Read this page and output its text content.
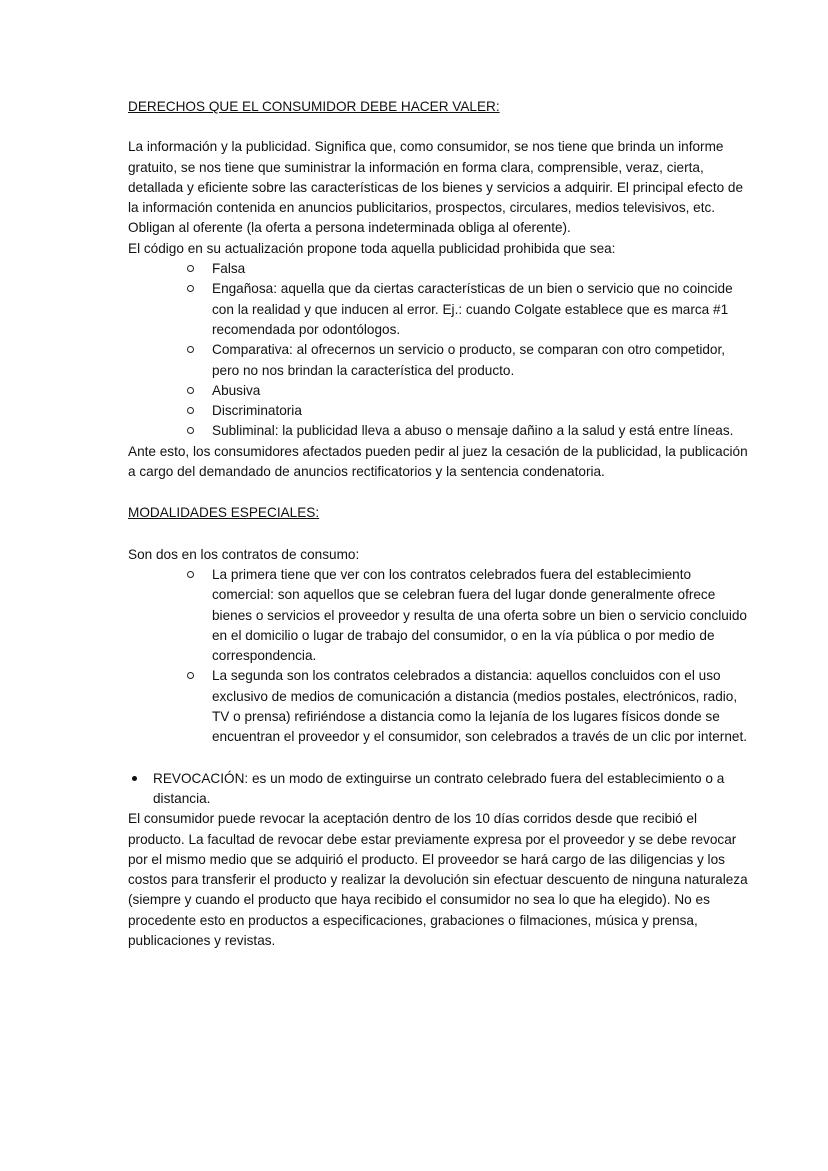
DERECHOS QUE EL CONSUMIDOR DEBE HACER VALER:

La información y la publicidad. Significa que, como consumidor, se nos tiene que brinda un informe gratuito, se nos tiene que suministrar la información en forma clara, comprensible, veraz, cierta, detallada y eficiente sobre las características de los bienes y servicios a adquirir. El principal efecto de la información contenida en anuncios publicitarios, prospectos, circulares, medios televisivos, etc. Obligan al oferente (la oferta a persona indeterminada obliga al oferente).

El código en su actualización propone toda aquella publicidad prohibida que sea:

Falsa
Engañosa: aquella que da ciertas características de un bien o servicio que no coincide con la realidad y que inducen al error. Ej.: cuando Colgate establece que es marca #1 recomendada por odontólogos.
Comparativa: al ofrecernos un servicio o producto, se comparan con otro competidor, pero no nos brindan la característica del producto.
Abusiva
Discriminatoria
Subliminal: la publicidad lleva a abuso o mensaje dañino a la salud y está entre líneas.

Ante esto, los consumidores afectados pueden pedir al juez la cesación de la publicidad, la publicación a cargo del demandado de anuncios rectificatorios y la sentencia condenatoria.

MODALIDADES ESPECIALES:

Son dos en los contratos de consumo:

La primera tiene que ver con los contratos celebrados fuera del establecimiento comercial: son aquellos que se celebran fuera del lugar donde generalmente ofrece bienes o servicios el proveedor y resulta de una oferta sobre un bien o servicio concluido en el domicilio o lugar de trabajo del consumidor, o en la vía pública o por medio de correspondencia.
La segunda son los contratos celebrados a distancia: aquellos concluidos con el uso exclusivo de medios de comunicación a distancia (medios postales, electrónicos, radio, TV o prensa) refiriéndose a distancia como la lejanía de los lugares físicos donde se encuentran el proveedor y el consumidor, son celebrados a través de un clic por internet.
REVOCACIÓN: es un modo de extinguirse un contrato celebrado fuera del establecimiento o a distancia.

El consumidor puede revocar la aceptación dentro de los 10 días corridos desde que recibió el producto. La facultad de revocar debe estar previamente expresa por el proveedor y se debe revocar por el mismo medio que se adquirió el producto. El proveedor se hará cargo de las diligencias y los costos para transferir el producto y realizar la devolución sin efectuar descuento de ninguna naturaleza (siempre y cuando el producto que haya recibido el consumidor no sea lo que ha elegido). No es procedente esto en productos a especificaciones, grabaciones o filmaciones, música y prensa, publicaciones y revistas.
